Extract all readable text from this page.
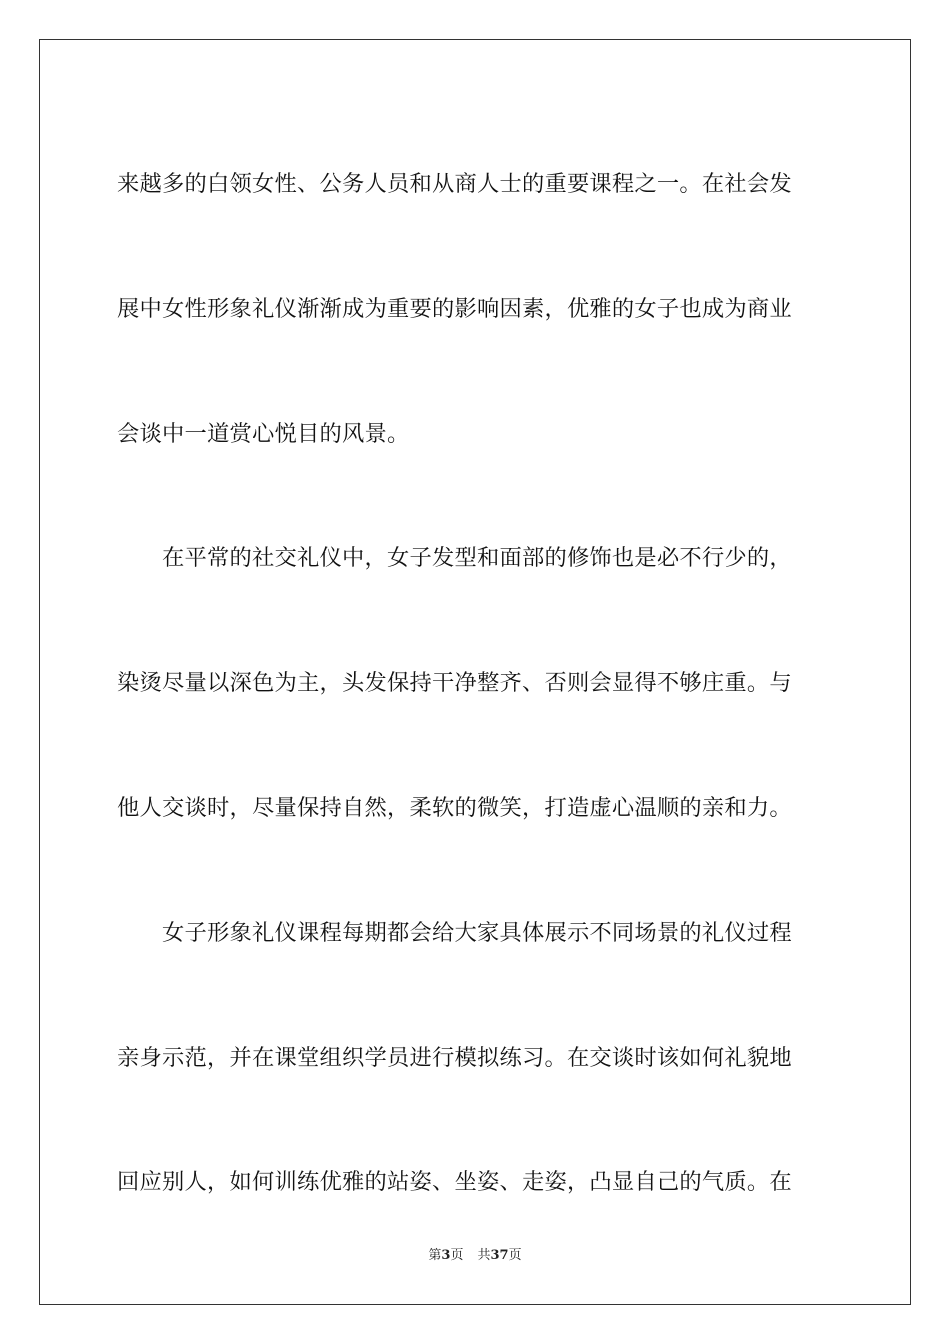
来越多的白领女性、公务人员和从商人士的重要课程之一。在社会发
展中女性形象礼仪渐渐成为重要的影响因素，优雅的女子也成为商业
会谈中一道赏心悦目的风景。
　　在平常的社交礼仪中，女子发型和面部的修饰也是必不行少的，
染烫尽量以深色为主，头发保持干净整齐、否则会显得不够庄重。与
他人交谈时，尽量保持自然，柔软的微笑，打造虚心温顺的亲和力。
　　女子形象礼仪课程每期都会给大家具体展示不同场景的礼仪过程
亲身示范，并在课堂组织学员进行模拟练习。在交谈时该如何礼貌地
回应别人，如何训练优雅的站姿、坐姿、走姿，凸显自己的气质。在
第3页 共37页
